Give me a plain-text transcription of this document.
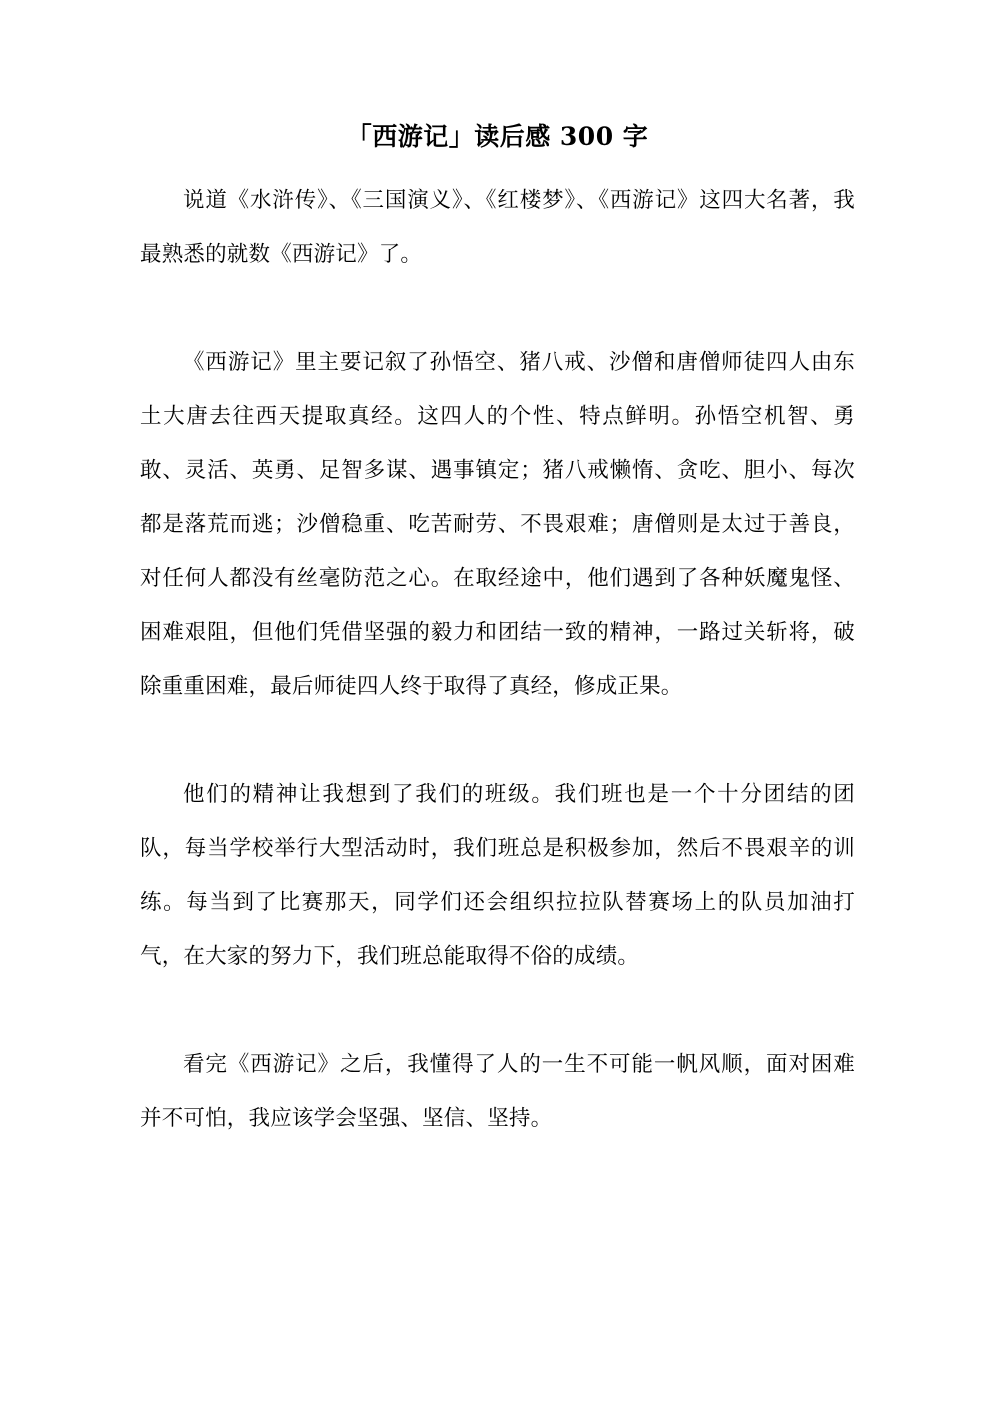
「西游记」读后感 300 字

说道《水浒传》、《三国演义》、《红楼梦》、《西游记》这四大名著，我最熟悉的就数《西游记》了。

《西游记》里主要记叙了孙悟空、猪八戒、沙僧和唐僧师徒四人由东土大唐去往西天提取真经。这四人的个性、特点鲜明。孙悟空机智、勇敢、灵活、英勇、足智多谋、遇事镇定；猪八戒懒惰、贪吃、胆小、每次都是落荒而逃；沙僧稳重、吃苦耐劳、不畏艰难；唐僧则是太过于善良，对任何人都没有丝毫防范之心。在取经途中，他们遇到了各种妖魔鬼怪、困难艰阻，但他们凭借坚强的毅力和团结一致的精神，一路过关斩将，破除重重困难，最后师徒四人终于取得了真经，修成正果。

他们的精神让我想到了我们的班级。我们班也是一个十分团结的团队，每当学校举行大型活动时，我们班总是积极参加，然后不畏艰辛的训练。每当到了比赛那天，同学们还会组织拉拉队替赛场上的队员加油打气，在大家的努力下，我们班总能取得不俗的成绩。

看完《西游记》之后，我懂得了人的一生不可能一帆风顺，面对困难并不可怕，我应该学会坚强、坚信、坚持。
